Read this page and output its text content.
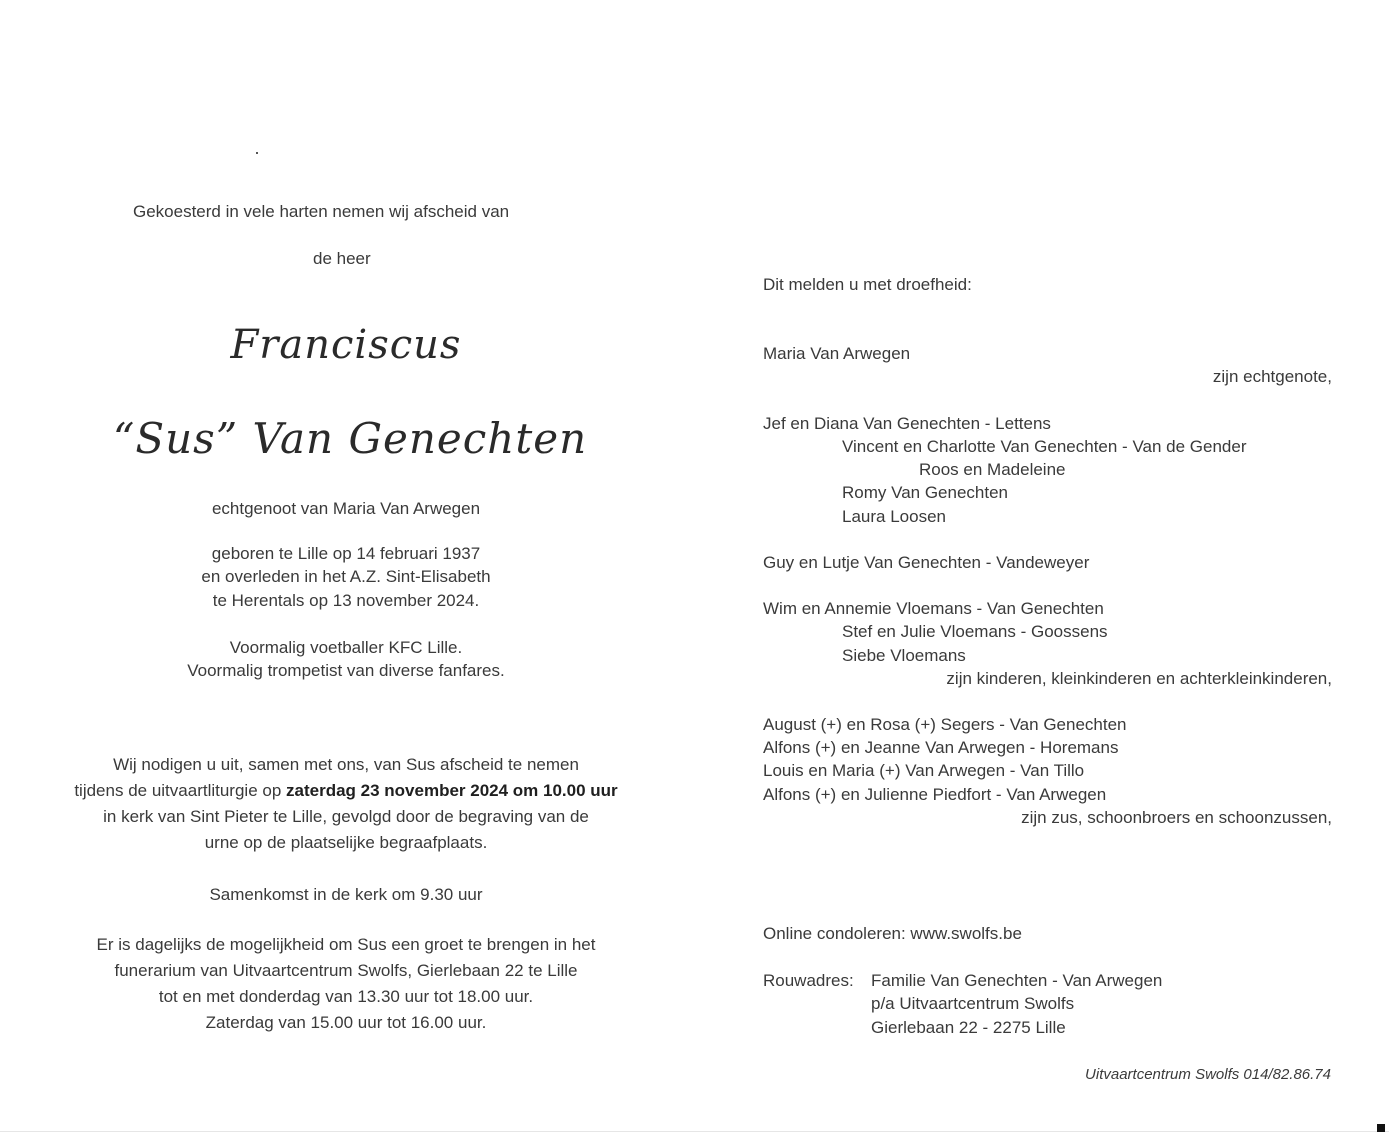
Gekoesterd in vele harten nemen wij afscheid van
de heer
Franciscus
“Sus” Van Genechten
echtgenoot van Maria Van Arwegen
geboren te Lille op 14 februari 1937
en overleden in het A.Z. Sint-Elisabeth
te Herentals op 13 november 2024.
Voormalig voetballer KFC Lille.
Voormalig trompetist van diverse fanfares.
Wij nodigen u uit, samen met ons, van Sus afscheid te nemen
tijdens de uitvaartliturgie op zaterdag 23 november 2024 om 10.00 uur
in kerk van Sint Pieter te Lille, gevolgd door de begraving van de
urne op de plaatselijke begraafplaats.
Samenkomst in de kerk om 9.30 uur
Er is dagelijks de mogelijkheid om Sus een groet te brengen in het
funerarium van Uitvaartcentrum Swolfs, Gierlebaan 22 te Lille
tot en met donderdag van 13.30 uur tot 18.00 uur.
Zaterdag van 15.00 uur tot 16.00 uur.
Dit melden u met droefheid:
Maria Van Arwegen
zijn echtgenote,
Jef en Diana Van Genechten - Lettens
Vincent en Charlotte Van Genechten - Van de Gender
Roos en Madeleine
Romy Van Genechten
Laura Loosen
Guy en Lutje Van Genechten - Vandeweyer
Wim en Annemie Vloemans - Van Genechten
Stef en Julie Vloemans - Goossens
Siebe Vloemans
zijn kinderen, kleinkinderen en achterkleinkinderen,
August (+) en Rosa (+) Segers - Van Genechten
Alfons (+) en Jeanne Van Arwegen - Horemans
Louis en Maria (+) Van Arwegen - Van Tillo
Alfons (+) en Julienne Piedfort - Van Arwegen
zijn zus, schoonbroers en schoonzussen,
Online condoleren: www.swolfs.be
Rouwadres: Familie Van Genechten - Van Arwegen
p/a Uitvaartcentrum Swolfs
Gierlebaan 22 - 2275 Lille
Uitvaartcentrum Swolfs 014/82.86.74
